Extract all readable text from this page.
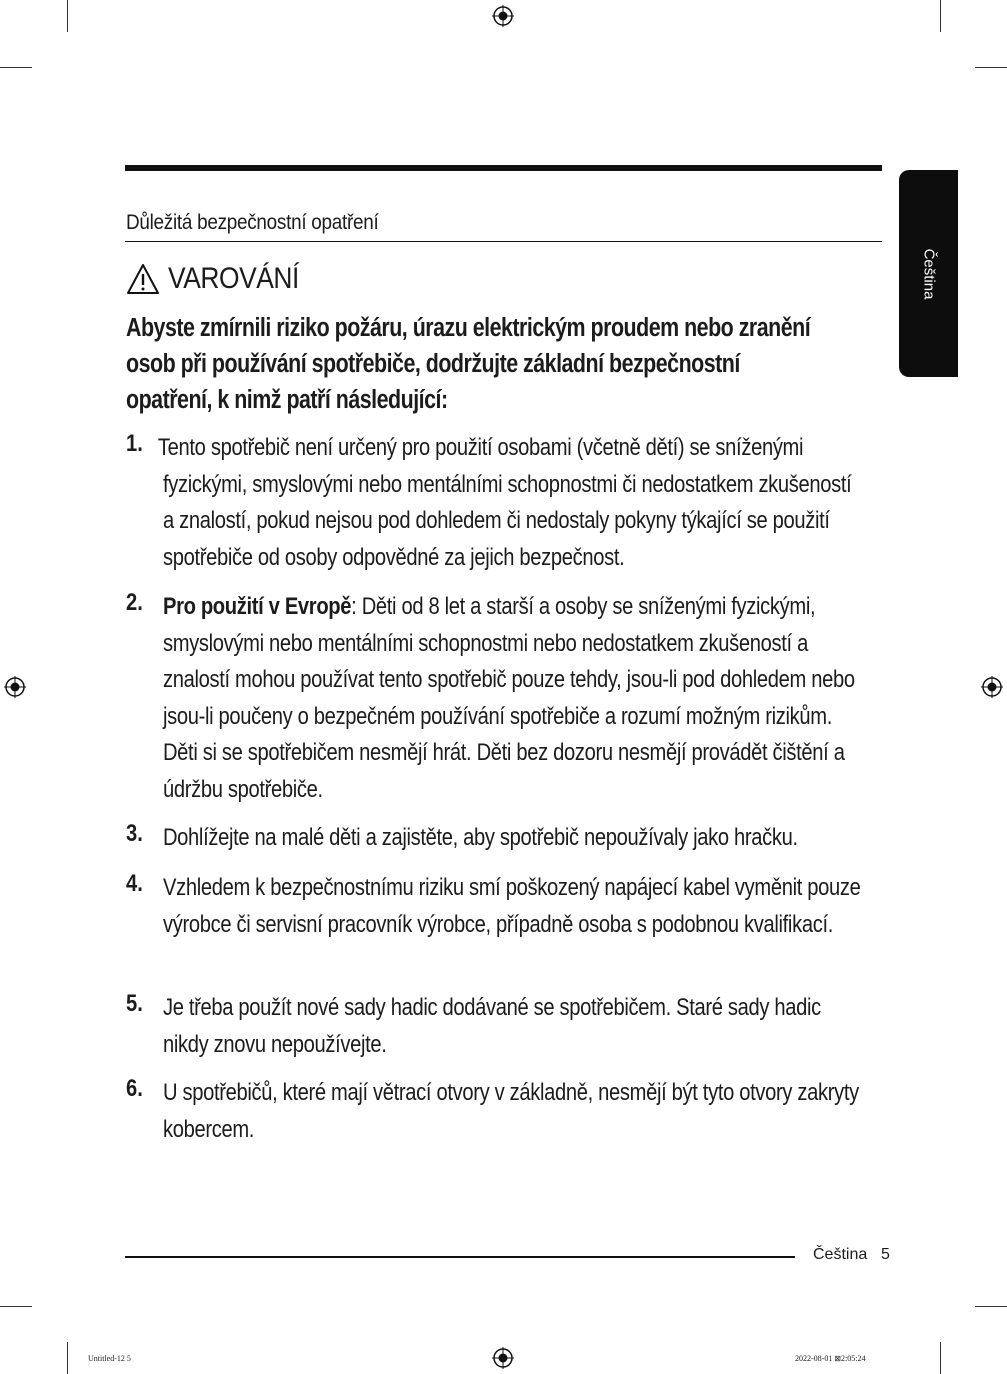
Důležitá bezpečnostní opatření
Čeština
VAROVÁNÍ
Abyste zmírnili riziko požáru, úrazu elektrickým proudem nebo zranění osob při používání spotřebiče, dodržujte základní bezpečnostní opatření, k nimž patří následující:
1. Tento spotřebič není určený pro použití osobami (včetně dětí) se sníženými fyzickými, smyslovými nebo mentálními schopnostmi či nedostatkem zkušeností a znalostí, pokud nejsou pod dohledem či nedostaly pokyny týkající se použití spotřebiče od osoby odpovědné za jejich bezpečnost.
2. Pro použití v Evropě: Děti od 8 let a starší a osoby se sníženými fyzickými, smyslovými nebo mentálními schopnostmi nebo nedostatkem zkušeností a znalostí mohou používat tento spotřebič pouze tehdy, jsou-li pod dohledem nebo jsou-li poučeny o bezpečném používání spotřebiče a rozumí možným rizikům. Děti si se spotřebičem nesmějí hrát. Děti bez dozoru nesmějí provádět čištění a údržbu spotřebiče.
3. Dohlížejte na malé děti a zajistěte, aby spotřebič nepoužívaly jako hračku.
4. Vzhledem k bezpečnostnímu riziku smí poškozený napájecí kabel vyměnit pouze výrobce či servisní pracovník výrobce, případně osoba s podobnou kvalifikací.
5. Je třeba použít nové sady hadic dodávané se spotřebičem. Staré sady hadic nikdy znovu nepoužívejte.
6. U spotřebičů, které mají větrací otvory v základně, nesmějí být tyto otvory zakryty kobercem.
Čeština 5
Untitled-12 5	2022-08-01 ⊠2:05:24
